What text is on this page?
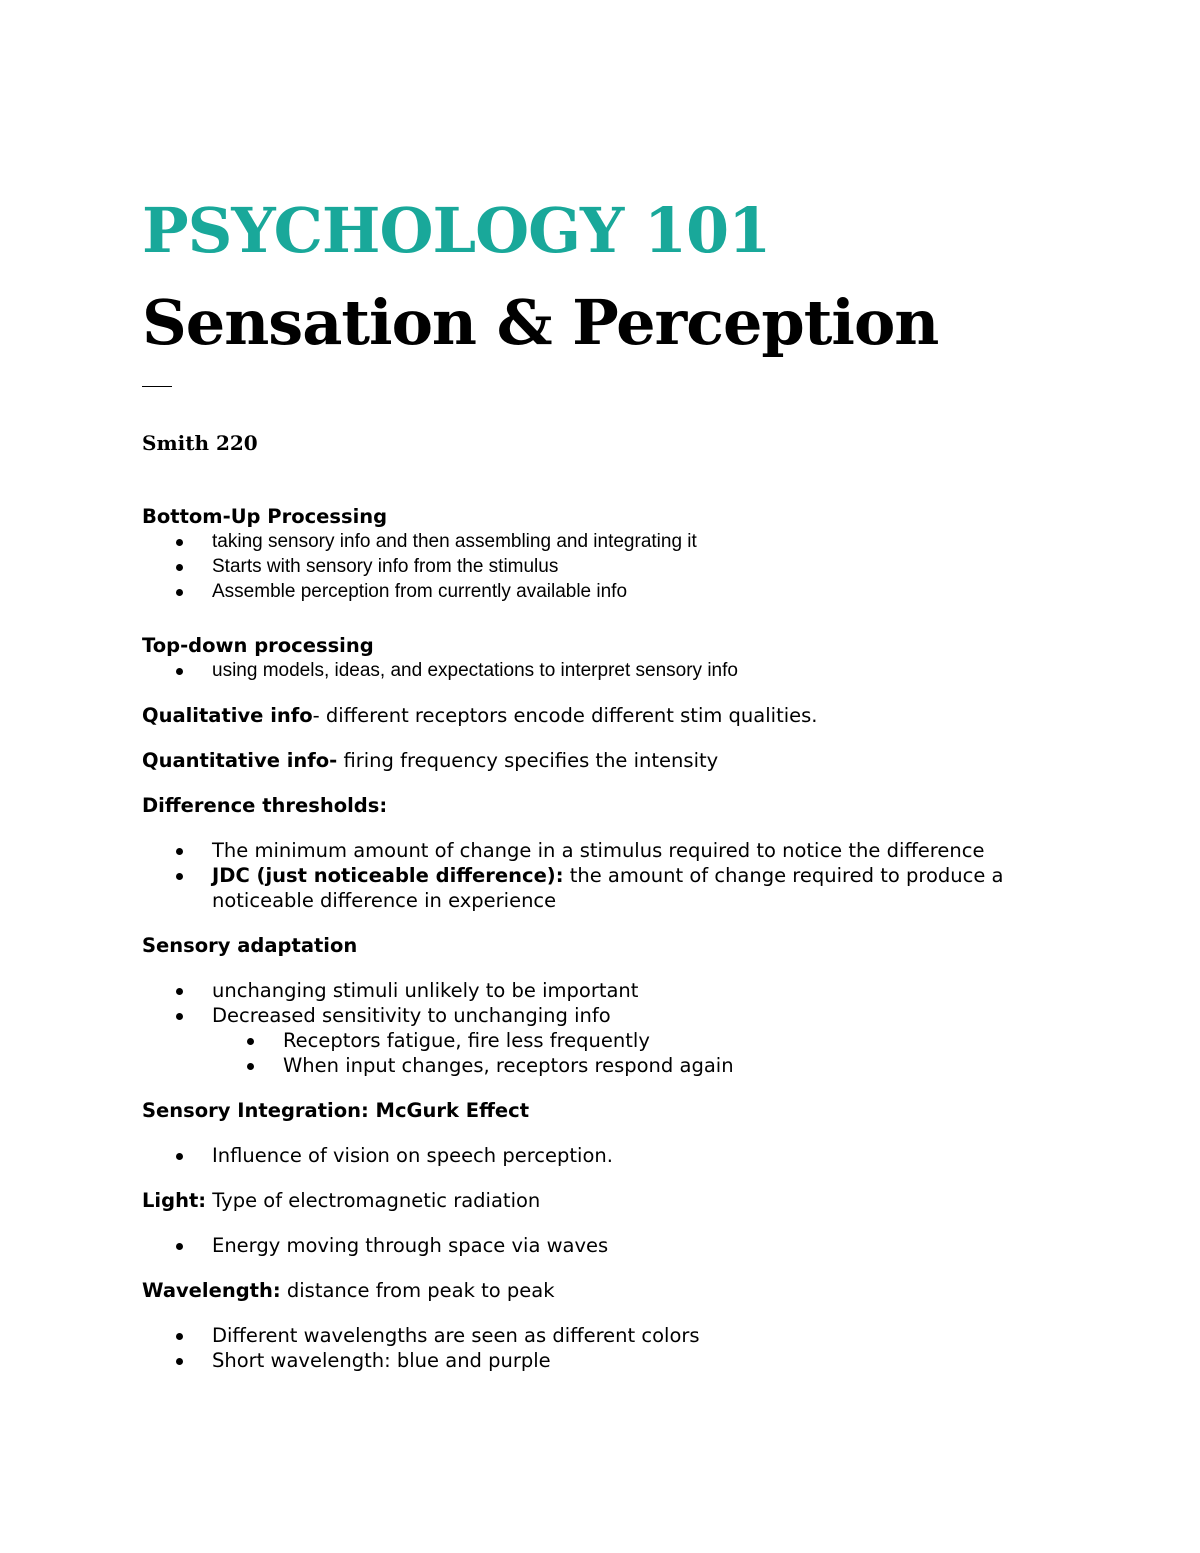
PSYCHOLOGY 101
Sensation & Perception

Smith 220

Bottom-Up Processing

taking sensory info and then assembling and integrating it
Starts with sensory info from the stimulus
Assemble perception from currently available info

Top-down processing

using models, ideas, and expectations to interpret sensory info

Qualitative info- different receptors encode different stim qualities.

Quantitative info- firing frequency specifies the intensity

Difference thresholds:

The minimum amount of change in a stimulus required to notice the difference
JDC (just noticeable difference): the amount of change required to produce a noticeable difference in experience

Sensory adaptation

unchanging stimuli unlikely to be important
Decreased sensitivity to unchanging info
Receptors fatigue, fire less frequently
When input changes, receptors respond again

Sensory Integration: McGurk Effect

Influence of vision on speech perception.

Light: Type of electromagnetic radiation

Energy moving through space via waves

Wavelength: distance from peak to peak

Different wavelengths are seen as different colors
Short wavelength: blue and purple
